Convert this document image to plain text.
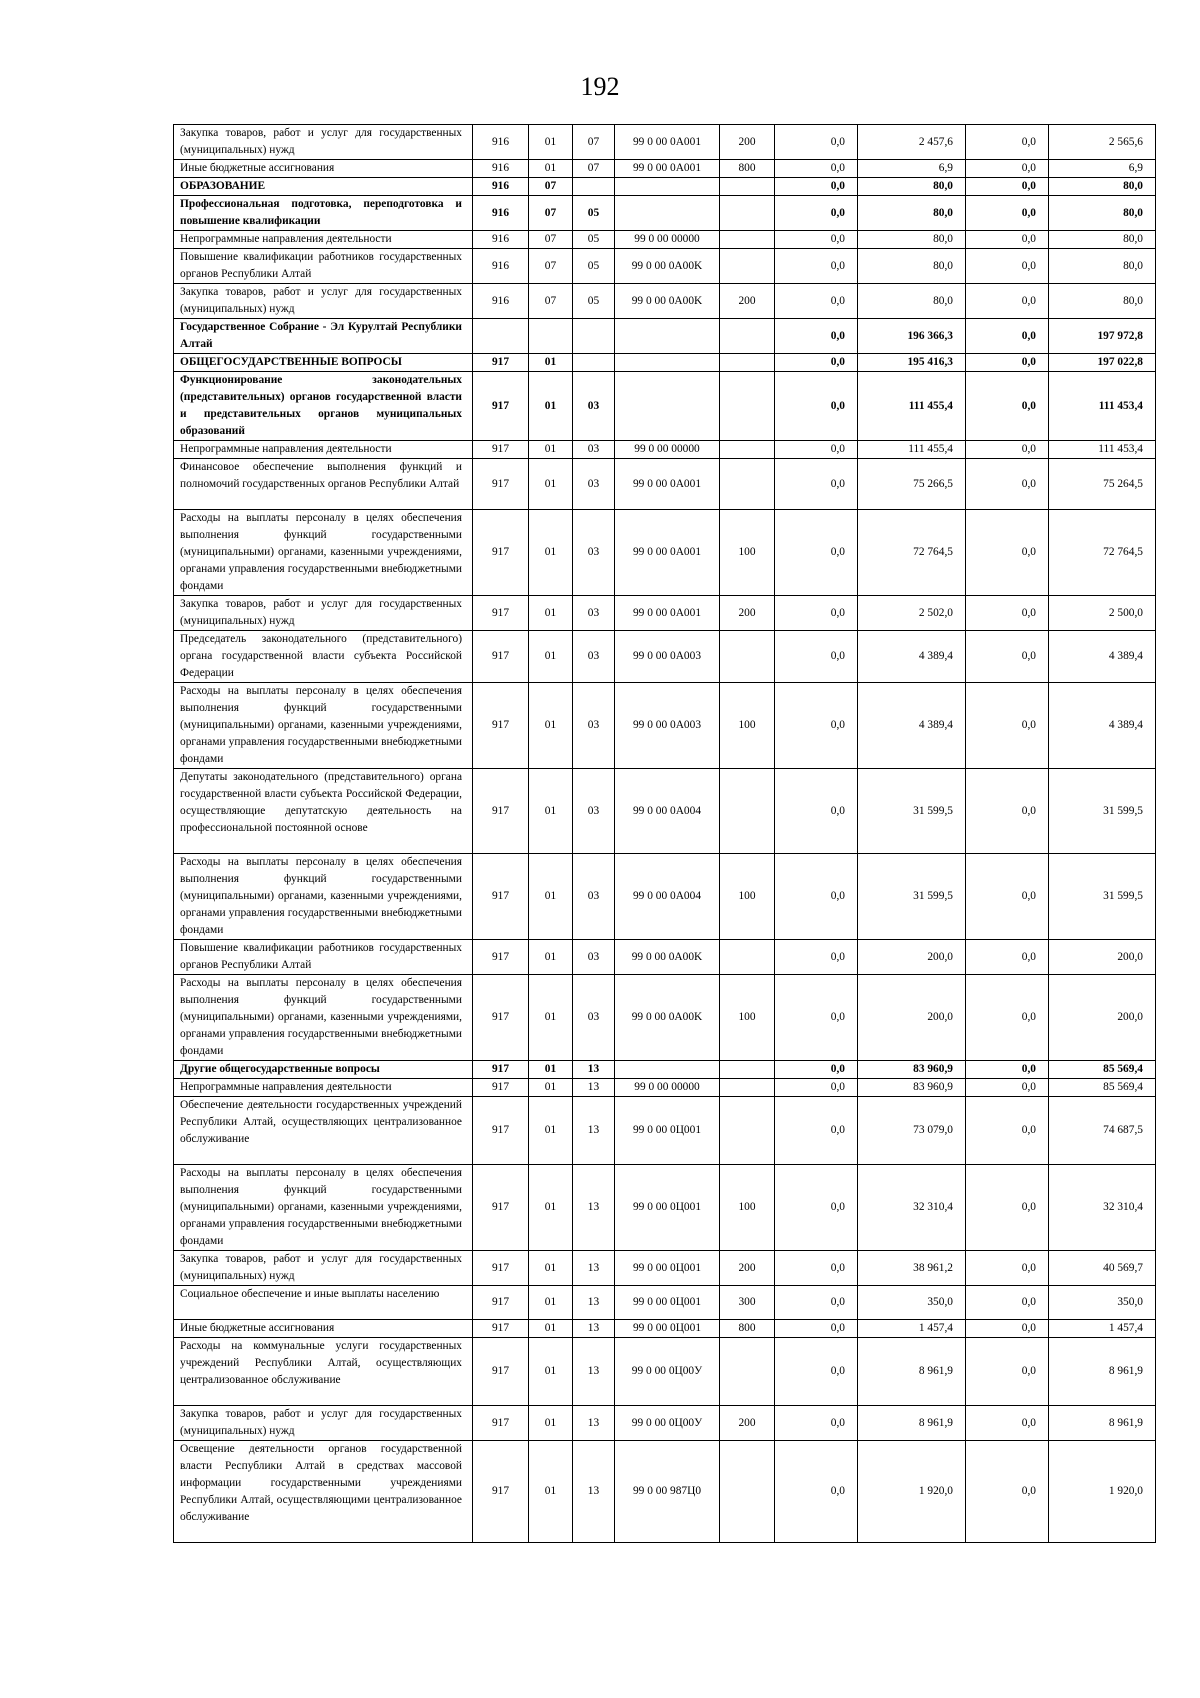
192
Закупка товаров, работ и услуг для государственных (муниципальных) нужд	916	01	07	99 0 00 0A001	200	0,0	2 457,6	0,0	2 565,6
Иные бюджетные ассигнования	916	01	07	99 0 00 0A001	800	0,0	6,9	0,0	6,9
ОБРАЗОВАНИЕ	916	07				0,0	80,0	0,0	80,0
Профессиональная подготовка, переподготовка и повышение квалификации	916	07	05			0,0	80,0	0,0	80,0
Непрограммные направления деятельности	916	07	05	99 0 00 00000		0,0	80,0	0,0	80,0
Повышение квалификации работников государственных органов Республики Алтай	916	07	05	99 0 00 0A00K		0,0	80,0	0,0	80,0
Закупка товаров, работ и услуг для государственных (муниципальных) нужд	916	07	05	99 0 00 0A00K	200	0,0	80,0	0,0	80,0
Государственное Собрание - Эл Курултай Республики Алтай						0,0	196 366,3	0,0	197 972,8
ОБЩЕГОСУДАРСТВЕННЫЕ ВОПРОСЫ	917	01				0,0	195 416,3	0,0	197 022,8
Функционирование законодательных (представительных) органов государственной власти и представительных органов муниципальных образований	917	01	03			0,0	111 455,4	0,0	111 453,4
Непрограммные направления деятельности	917	01	03	99 0 00 00000		0,0	111 455,4	0,0	111 453,4
Финансовое обеспечение выполнения функций и полномочий государственных органов Республики Алтай	917	01	03	99 0 00 0A001		0,0	75 266,5	0,0	75 264,5
Расходы на выплаты персоналу в целях обеспечения выполнения функций государственными (муниципальными) органами, казенными учреждениями, органами управления государственными внебюджетными фондами	917	01	03	99 0 00 0A001	100	0,0	72 764,5	0,0	72 764,5
Закупка товаров, работ и услуг для государственных (муниципальных) нужд	917	01	03	99 0 00 0A001	200	0,0	2 502,0	0,0	2 500,0
Председатель законодательного (представительного) органа государственной власти субъекта Российской Федерации	917	01	03	99 0 00 0A003		0,0	4 389,4	0,0	4 389,4
Расходы на выплаты персоналу в целях обеспечения выполнения функций государственными (муниципальными) органами, казенными учреждениями, органами управления государственными внебюджетными фондами	917	01	03	99 0 00 0A003	100	0,0	4 389,4	0,0	4 389,4
Депутаты законодательного (представительного) органа государственной власти субъекта Российской Федерации, осуществляющие депутатскую деятельность на профессиональной постоянной основе	917	01	03	99 0 00 0A004		0,0	31 599,5	0,0	31 599,5
Расходы на выплаты персоналу в целях обеспечения выполнения функций государственными (муниципальными) органами, казенными учреждениями, органами управления государственными внебюджетными фондами	917	01	03	99 0 00 0A004	100	0,0	31 599,5	0,0	31 599,5
Повышение квалификации работников государственных органов Республики Алтай	917	01	03	99 0 00 0A00K		0,0	200,0	0,0	200,0
Расходы на выплаты персоналу в целях обеспечения выполнения функций государственными (муниципальными) органами, казенными учреждениями, органами управления государственными внебюджетными фондами	917	01	03	99 0 00 0A00K	100	0,0	200,0	0,0	200,0
Другие общегосударственные вопросы	917	01	13			0,0	83 960,9	0,0	85 569,4
Непрограммные направления деятельности	917	01	13	99 0 00 00000		0,0	83 960,9	0,0	85 569,4
Обеспечение деятельности государственных учреждений Республики Алтай, осуществляющих централизованное обслуживание	917	01	13	99 0 00 0Ц001		0,0	73 079,0	0,0	74 687,5
Расходы на выплаты персоналу в целях обеспечения выполнения функций государственными (муниципальными) органами, казенными учреждениями, органами управления государственными внебюджетными фондами	917	01	13	99 0 00 0Ц001	100	0,0	32 310,4	0,0	32 310,4
Закупка товаров, работ и услуг для государственных (муниципальных) нужд	917	01	13	99 0 00 0Ц001	200	0,0	38 961,2	0,0	40 569,7
Социальное обеспечение и иные выплаты населению	917	01	13	99 0 00 0Ц001	300	0,0	350,0	0,0	350,0
Иные бюджетные ассигнования	917	01	13	99 0 00 0Ц001	800	0,0	1 457,4	0,0	1 457,4
Расходы на коммунальные услуги государственных учреждений Республики Алтай, осуществляющих централизованное обслуживание	917	01	13	99 0 00 0Ц00У		0,0	8 961,9	0,0	8 961,9
Закупка товаров, работ и услуг для государственных (муниципальных) нужд	917	01	13	99 0 00 0Ц00У	200	0,0	8 961,9	0,0	8 961,9
Освещение деятельности органов государственной власти Республики Алтай в средствах массовой информации государственными учреждениями Республики Алтай, осуществляющими централизованное обслуживание	917	01	13	99 0 00 987Ц0		0,0	1 920,0	0,0	1 920,0
